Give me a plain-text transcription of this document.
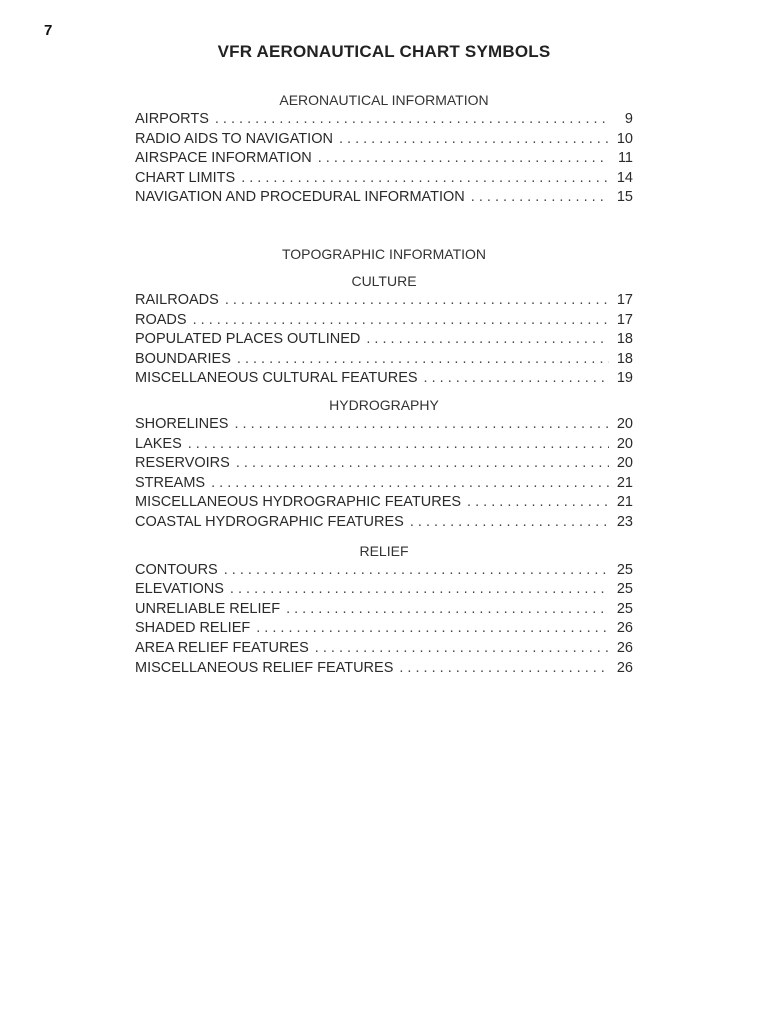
7
VFR AERONAUTICAL CHART SYMBOLS
AERONAUTICAL INFORMATION
AIRPORTS . . .	9
RADIO AIDS TO NAVIGATION . . .	10
AIRSPACE INFORMATION . . .	11
CHART LIMITS . . .	14
NAVIGATION AND PROCEDURAL INFORMATION . . .	15
TOPOGRAPHIC INFORMATION
CULTURE
RAILROADS . . .	17
ROADS . . .	17
POPULATED PLACES OUTLINED . . .	18
BOUNDARIES . . .	18
MISCELLANEOUS CULTURAL FEATURES . . .	19
HYDROGRAPHY
SHORELINES . . .	20
LAKES . . .	20
RESERVOIRS . . .	20
STREAMS . . .	21
MISCELLANEOUS HYDROGRAPHIC FEATURES . . .	21
COASTAL HYDROGRAPHIC FEATURES . . .	23
RELIEF
CONTOURS . . .	25
ELEVATIONS . . .	25
UNRELIABLE RELIEF . . .	25
SHADED RELIEF . . .	26
AREA RELIEF FEATURES . . .	26
MISCELLANEOUS RELIEF FEATURES . . .	26
